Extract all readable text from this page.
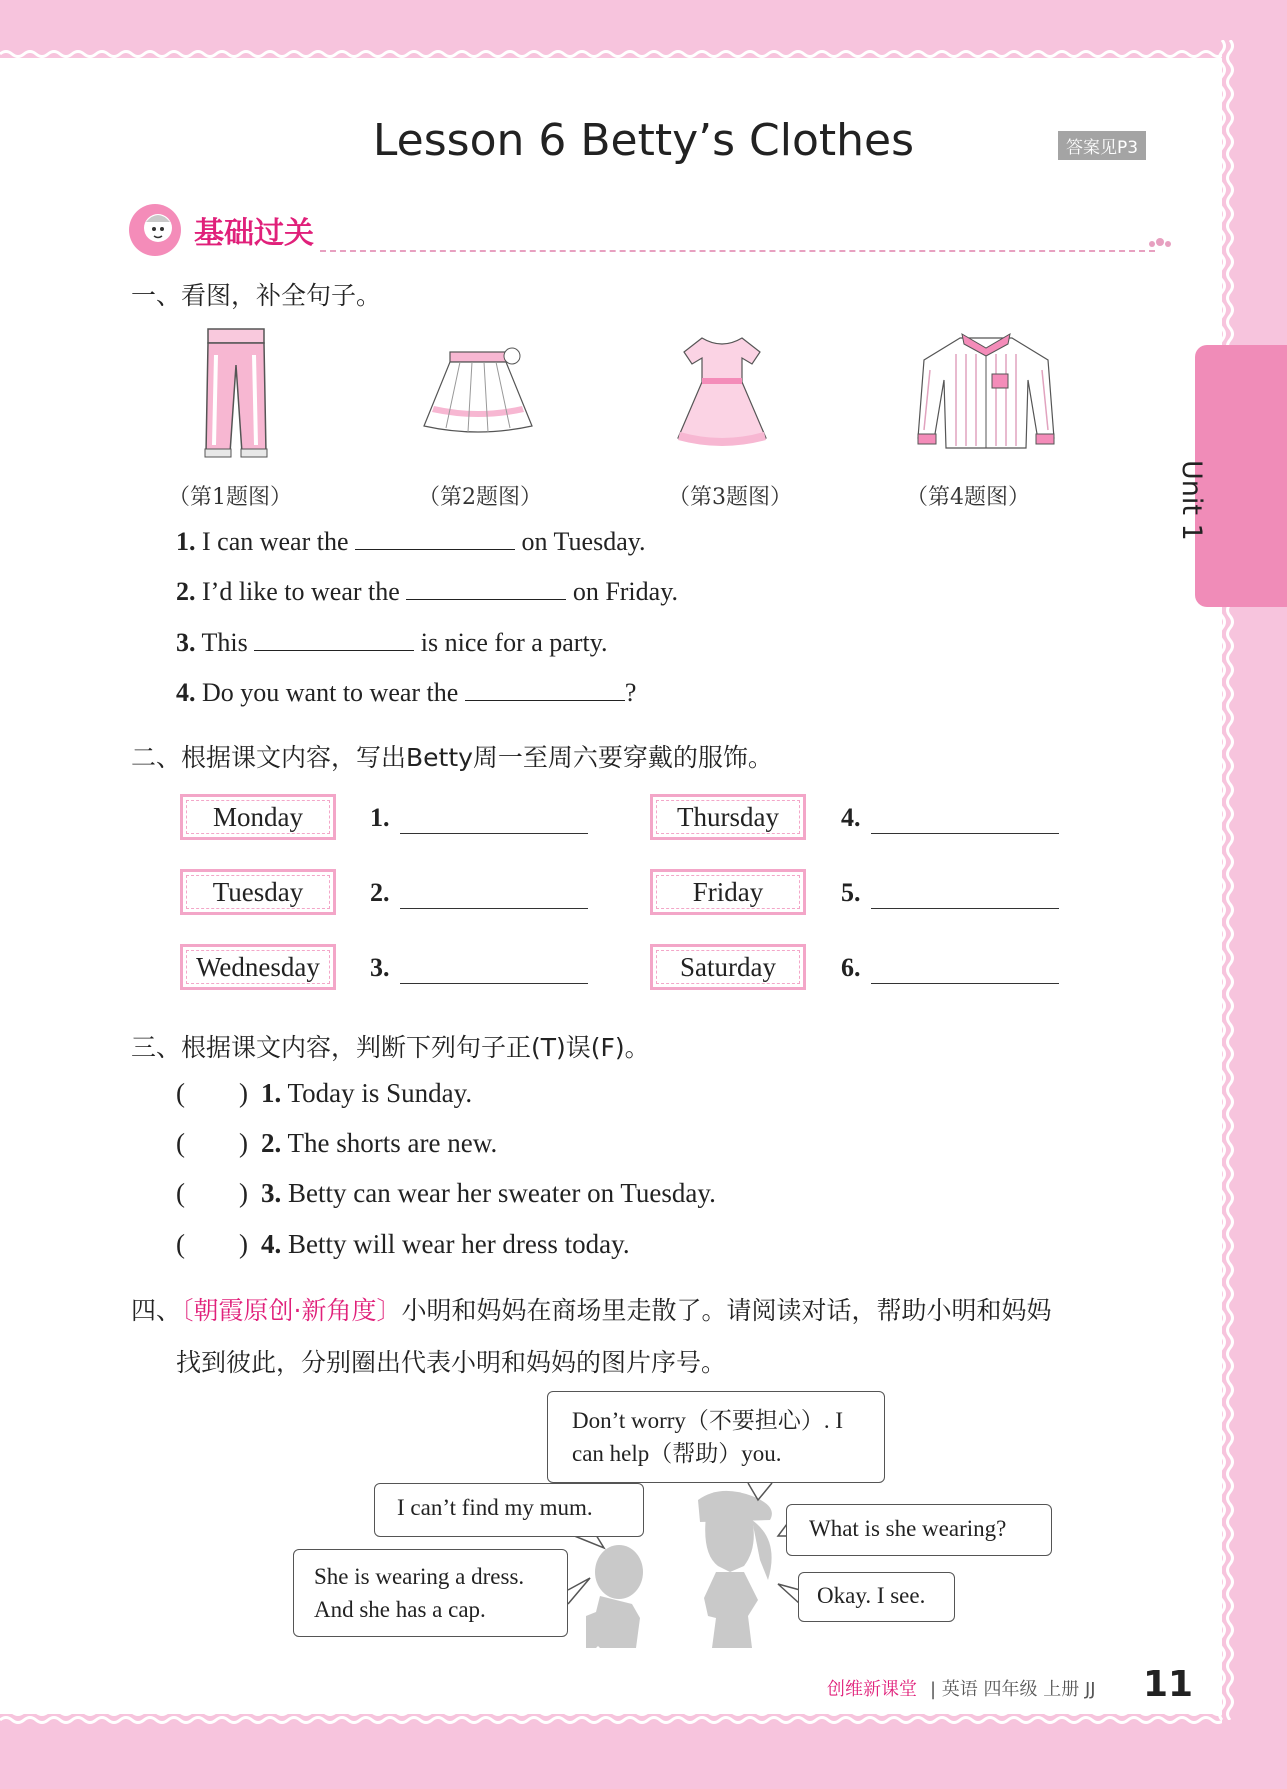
Unit 1
Lesson 6 Betty’s Clothes	答案见P3
基础过关
一、看图，补全句子。
（第1题图）	（第2题图）	（第3题图）	（第4题图）
1. I can wear the	on Tuesday.
2. I’d like to wear the	on Friday.
3. This	is nice for a party.
4. Do you want to wear the	?
二、根据课文内容，写出Betty周一至周六要穿戴的服饰。
Monday	1.
Tuesday	2.
Wednesday	3.
Thursday	4.
Friday	5.
Saturday	6.
三、根据课文内容，判断下列句子正(T)误(F)。
(        ) 1. Today is Sunday.
(        ) 2. The shorts are new.
(        ) 3. Betty can wear her sweater on Tuesday.
(        ) 4. Betty will wear her dress today.
四、〔朝霞原创·新角度〕小明和妈妈在商场里走散了。请阅读对话，帮助小明和妈妈
找到彼此，分别圈出代表小明和妈妈的图片序号。
Don’t worry（不要担心）. I
can help（帮助）you.
I can’t find my mum.
What is she wearing?
She is wearing a dress.
And she has a cap.
Okay. I see.
创维新课堂 | 英语 四年级 上册 JJ 11
